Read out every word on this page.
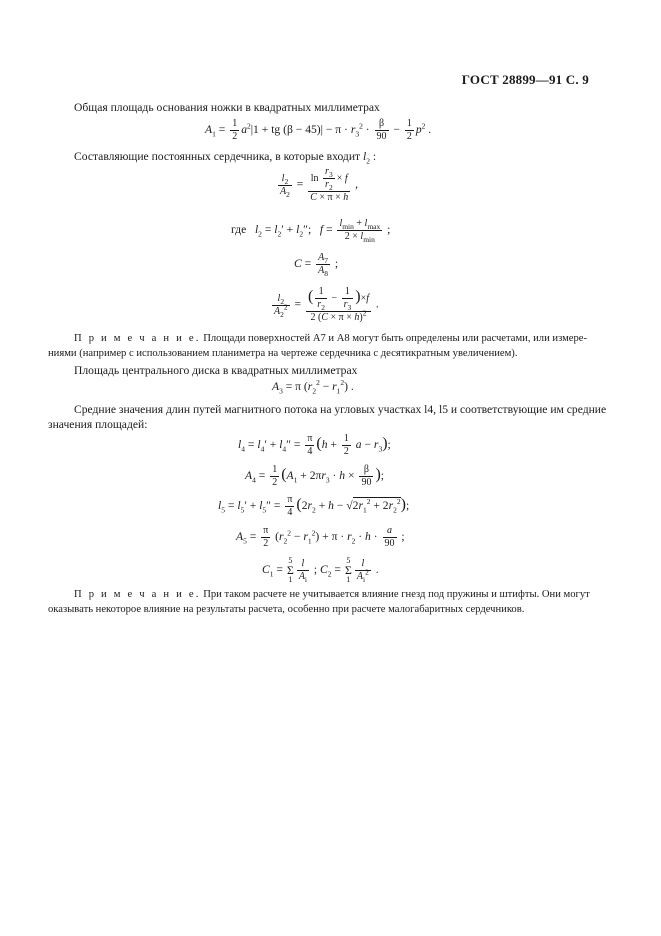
ГОСТ 28899—91 С. 9
Общая площадь основания ножки в квадратных миллиметрах
$A_1 = \frac{1}{2} a^2|1$ + tg $(\beta - 45)| - \pi \cdot r_3^2 \cdot \frac{\beta}{90} - \frac{1}{2} p^2$ .
Составляющие постоянных сердечника, в которые входит $l_2$ :
$\frac{l_2}{A_2} = \frac{\ln \frac{r_3}{r_2} \times f}{C \times \pi \times h}$ ,
где $l_2 = l_2' + l_2''$;   $f = \frac{l_{min} + l_{max}}{2 \times l_{min}}$ ;
$C = \frac{A_7}{A_8}$ ;
$\frac{l_2}{A_2^2} = \frac{( \frac{1}{r_2} - \frac{1}{r_3} )\times f}{2 (C \times \pi \times h)^2}$ .
П р и м е ч а н и е. Площади поверхностей A7 и A8 могут быть определены или расчетами, или измере-ниями (например с использованием планиметра на чертеже сердечника с десятикратным увеличением).
Площадь центрального диска в квадратных миллиметрах
$A_3 = \pi$ $(r_2^2 - r_1^2)$ .
Средние значения длин путей магнитного потока на угловых участках l4, l5 и соответствующие им средние значения площадей:
$l_4 = l_4' + l_4'' = \frac{\pi}{4} (h + \frac{1}{2}$ $a - r_3$);
$A_4 = \frac{1}{2} (A_1 + 2\pi r_3 \cdot h \times \frac{\beta}{90}$ );
$l_5 = l_5' + l_5'' = \frac{\pi}{4} (2r_2 + h - √2r_1^2 + 2r_2^2)$;
$A_5 = \frac{\pi}{2} (r_2^2 - r_1^2) + \pi \cdot r_2 \cdot h \cdot \frac{a}{90}$ ;
$C_1 = 5$
Σ
$1 \frac{l}{A_i}$ ; $C_2 = 5$
Σ
$1 \frac{l}{A_i^2}$ .
П р и м е ч а н и е. При таком расчете не учитывается влияние гнезд под пружины и штифты. Они могут оказывать некоторое влияние на результаты расчета, особенно при расчете малогабаритных сердечников.
